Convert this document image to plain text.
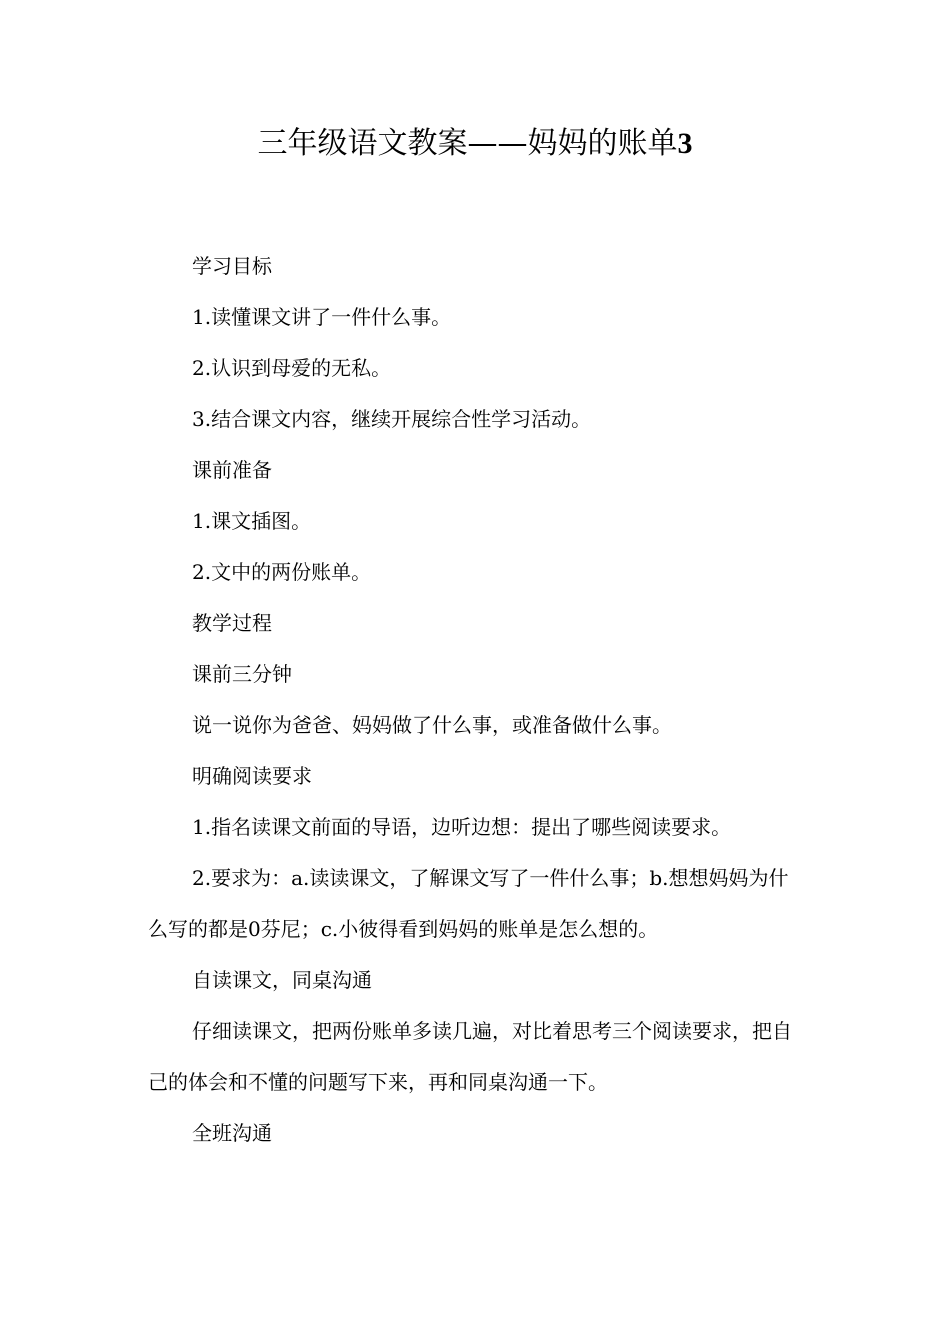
三年级语文教案——妈妈的账单3

学习目标

1.读懂课文讲了一件什么事。

2.认识到母爱的无私。

3.结合课文内容，继续开展综合性学习活动。

课前准备

1.课文插图。

2.文中的两份账单。

教学过程

课前三分钟

说一说你为爸爸、妈妈做了什么事，或准备做什么事。

明确阅读要求

1.指名读课文前面的导语，边听边想：提出了哪些阅读要求。

2.要求为：a.读读课文，了解课文写了一件什么事；b.想想妈妈为什么写的都是0芬尼；c.小彼得看到妈妈的账单是怎么想的。

自读课文，同桌沟通

仔细读课文，把两份账单多读几遍，对比着思考三个阅读要求，把自己的体会和不懂的问题写下来，再和同桌沟通一下。

全班沟通
